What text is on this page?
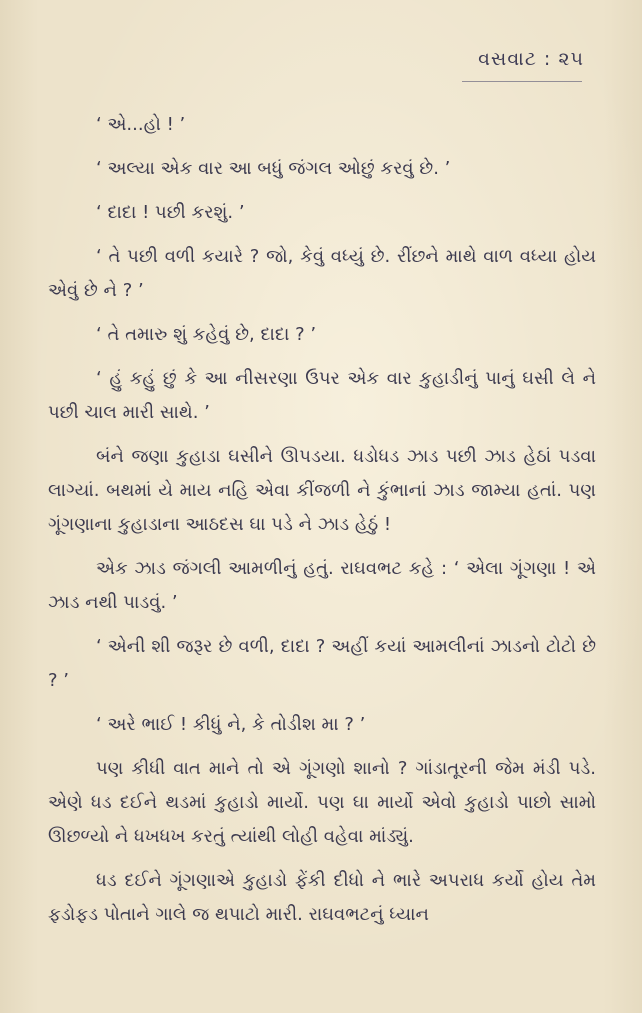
વસવાટ : ૨૫

‘ એ...હો ! ’

‘ અલ્યા એક વાર આ બધું જંગલ ઓછું કરવું છે. ’

‘ દાદા ! પછી કરશું. ’

‘ તે પછી વળી કયારે ? જો, કેવું વધ્યું છે. રીંછને માથે વાળ વધ્યા હોય એવું છે ને ? ’

‘ તે તમારુ શું કહેવું છે, દાદા ? ’

‘ હું કહું છું કે આ નીસરણા ઉપર એક વાર કુહાડીનું પાનું ઘસી લે ને પછી ચાલ મારી સાથે. ’

બંને જણા કુહાડા ઘસીને ઊપડયા. ધડોધડ ઝાડ પછી ઝાડ હેઠાં પડવા લાગ્યાં. બથમાં યે માય નહિ એવા કીંજળી ને કુંભાનાં ઝાડ જામ્યા હતાં. પણ ગૂંગણાના કુહાડાના આઠદસ ઘા પડે ને ઝાડ હેઠું !

એક ઝાડ જંગલી આમળીનું હતું. રાઘવભટ કહે : ‘ એલા ગૂંગણા ! એ ઝાડ નથી પાડવું. ’

‘ એની શી જરૂર છે વળી, દાદા ? અહીં કયાં આમલીનાં ઝાડનો ટોટો છે ? ’

‘ અરે ભાઈ ! કીધું ને, કે તોડીશ મા ? ’

પણ કીધી વાત માને તો એ ગૂંગણો શાનો ? ગાંડાતૂરની જેમ મંડી પડે. એણે ધડ દઈને થડમાં કુહાડો માર્યો. પણ ઘા માર્યો એવો કુહાડો પાછો સામો ઊછળ્યો ને ધખધખ કરતું ત્યાંથી લોહી વહેવા માંડ્યું.

ધડ દઈને ગૂંગણાએ કુહાડો ફેંકી દીધો ને ભારે અપરાધ કર્યો હોય તેમ ફડોફડ પોતાને ગાલે જ થપાટો મારી. રાઘવભટનું ધ્યાન
